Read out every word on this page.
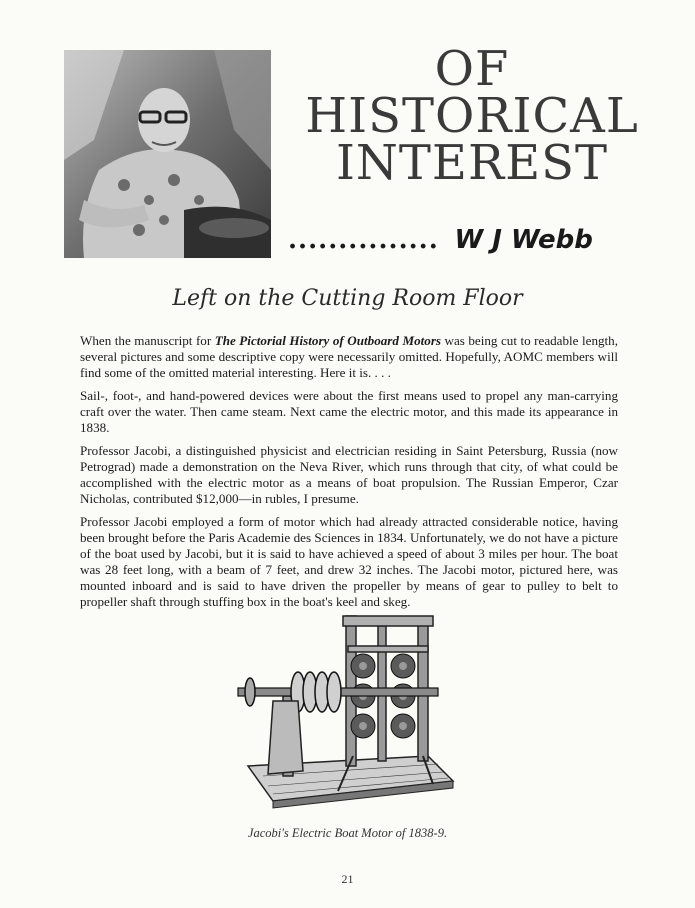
OF
HISTORICAL
INTEREST
............... W J Webb
Left on the Cutting Room Floor

When the manuscript for The Pictorial History of Outboard Motors was being cut to readable length, several pictures and some descriptive copy were necessarily omitted. Hopefully, AOMC members will find some of the omitted material interesting. Here it is. . . .

Sail-, foot-, and hand-powered devices were about the first means used to propel any man-carrying craft over the water. Then came steam. Next came the electric motor, and this made its appearance in 1838.

Professor Jacobi, a distinguished physicist and electrician residing in Saint Petersburg, Russia (now Petrograd) made a demonstration on the Neva River, which runs through that city, of what could be accomplished with the electric motor as a means of boat propulsion. The Russian Emperor, Czar Nicholas, contributed $12,000—in rubles, I presume.

Professor Jacobi employed a form of motor which had already attracted considerable notice, having been brought before the Paris Academie des Sciences in 1834. Unfortunately, we do not have a picture of the boat used by Jacobi, but it is said to have achieved a speed of about 3 miles per hour. The boat was 28 feet long, with a beam of 7 feet, and drew 32 inches. The Jacobi motor, pictured here, was mounted inboard and is said to have driven the propeller by means of gear to pulley to belt to propeller shaft through stuffing box in the boat's keel and skeg.

Jacobi's Electric Boat Motor of 1838-9.
21
